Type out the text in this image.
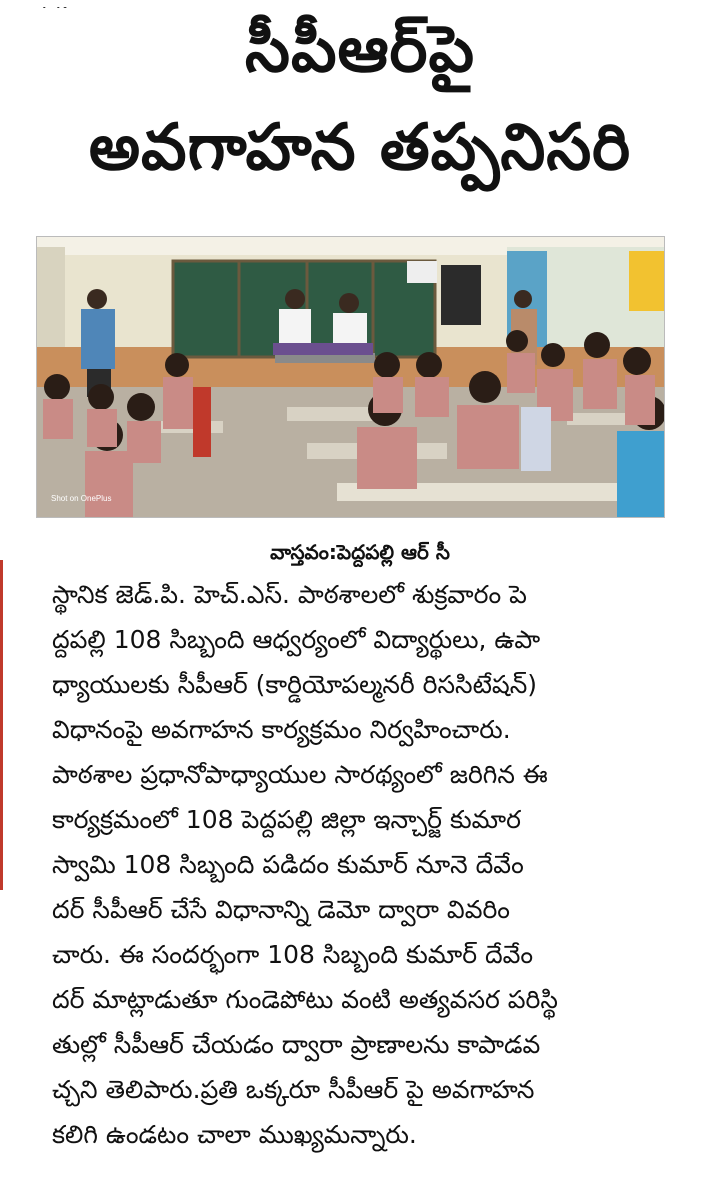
సీపీఆర్‌పై
అవగాహన తప్పనిసరి
Shot on OnePlus
వాస్తవం:పెద్దపల్లి ఆర్ సీ

స్థానిక జెడ్.పి. హెచ్.ఎస్. పాఠశాలలో శుక్రవారం పె

ద్దపల్లి 108 సిబ్బంది ఆధ్వర్యంలో విద్యార్థులు, ఉపా

ధ్యాయులకు సీపీఆర్ (కార్డియోపల్మనరీ రిససిటేషన్)

విధానంపై అవగాహన కార్యక్రమం నిర్వహించారు.

పాఠశాల ప్రధానోపాధ్యాయుల సారథ్యంలో జరిగిన ఈ

కార్యక్రమంలో 108 పెద్దపల్లి జిల్లా ఇన్చార్జ్ కుమార

స్వామి 108 సిబ్బంది పడిదం కుమార్ నూనె దేవేం

దర్ సీపీఆర్ చేసే విధానాన్ని డెమో ద్వారా వివరిం

చారు. ఈ సందర్భంగా 108 సిబ్బంది కుమార్ దేవేం

దర్ మాట్లాడుతూ గుండెపోటు వంటి అత్యవసర పరిస్థి

తుల్లో సీపీఆర్ చేయడం ద్వారా ప్రాణాలను కాపాడవ

చ్చని తెలిపారు.ప్రతి ఒక్కరూ సీపీఆర్ పై అవగాహన

కలిగి ఉండటం చాలా ముఖ్యమన్నారు.
